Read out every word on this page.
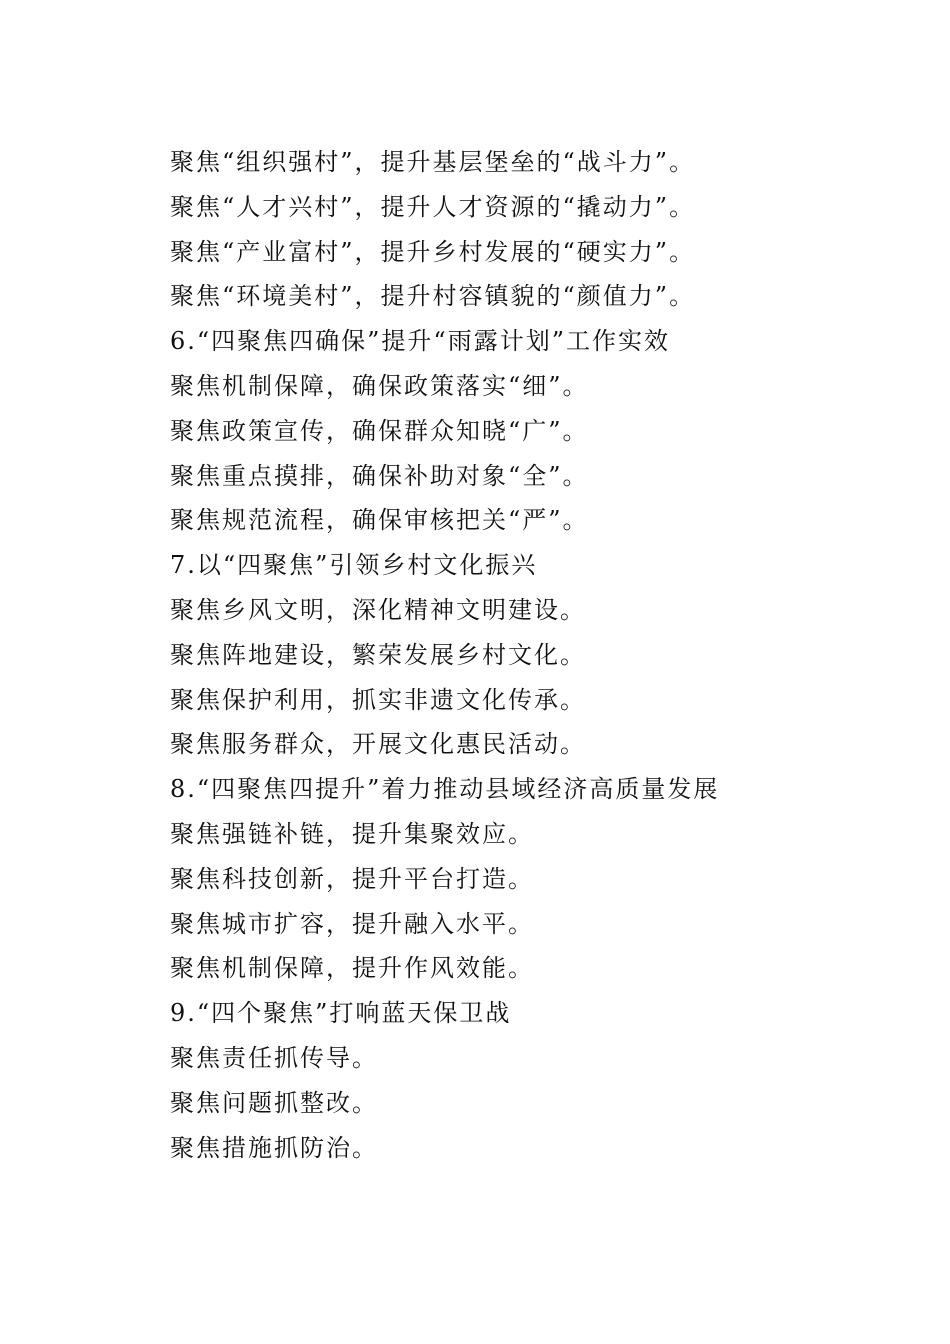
聚焦“组织强村”，提升基层堡垒的“战斗力”。
聚焦“人才兴村”，提升人才资源的“撬动力”。
聚焦“产业富村”，提升乡村发展的“硬实力”。
聚焦“环境美村”，提升村容镇貌的“颜值力”。
6.“四聚焦四确保”提升“雨露计划”工作实效
聚焦机制保障，确保政策落实“细”。
聚焦政策宣传，确保群众知晓“广”。
聚焦重点摸排，确保补助对象“全”。
聚焦规范流程，确保审核把关“严”。
7.以“四聚焦”引领乡村文化振兴
聚焦乡风文明，深化精神文明建设。
聚焦阵地建设，繁荣发展乡村文化。
聚焦保护利用，抓实非遗文化传承。
聚焦服务群众，开展文化惠民活动。
8.“四聚焦四提升”着力推动县域经济高质量发展
聚焦强链补链，提升集聚效应。
聚焦科技创新，提升平台打造。
聚焦城市扩容，提升融入水平。
聚焦机制保障，提升作风效能。
9.“四个聚焦”打响蓝天保卫战
聚焦责任抓传导。
聚焦问题抓整改。
聚焦措施抓防治。
